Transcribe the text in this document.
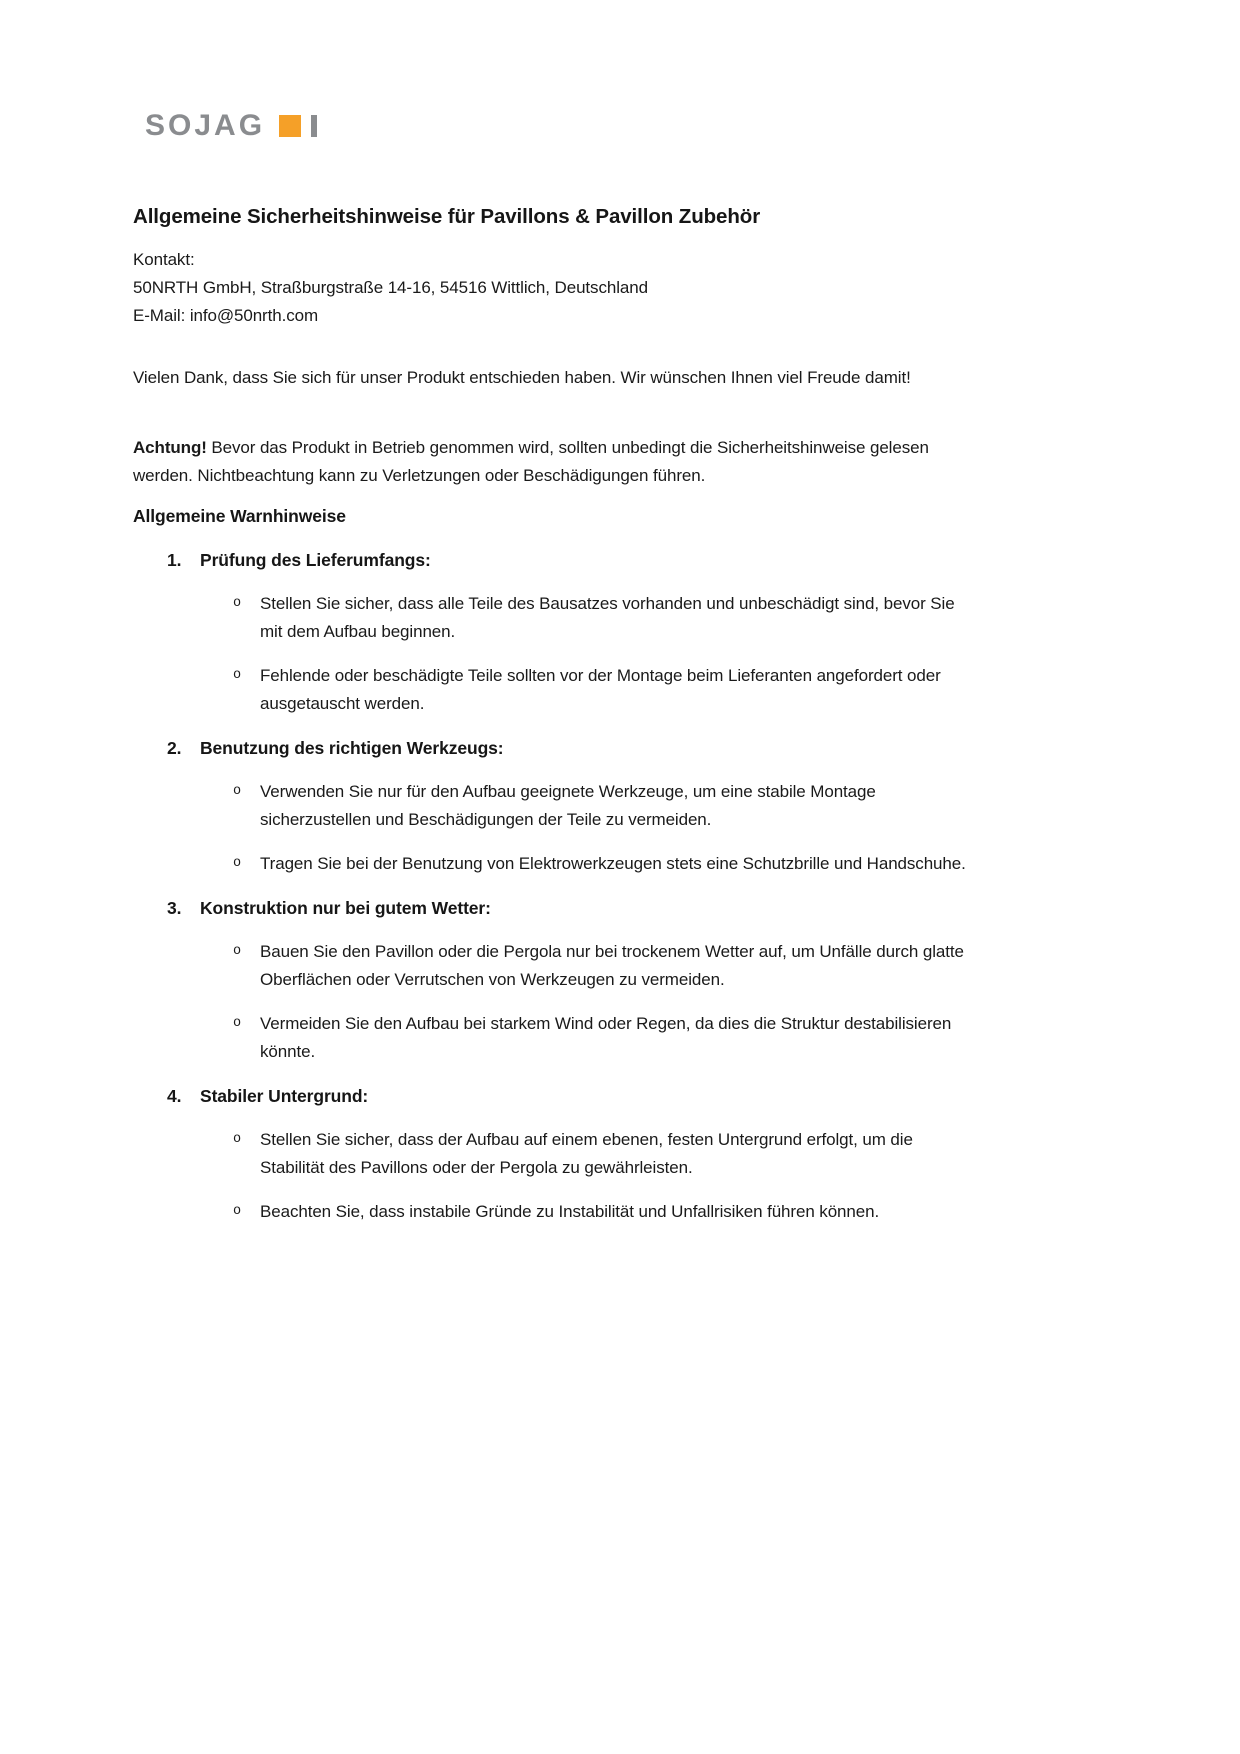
SOJAG
Allgemeine Sicherheitshinweise für Pavillons & Pavillon Zubehör

Kontakt:
50NRTH GmbH, Straßburgstraße 14-16, 54516 Wittlich, Deutschland
E-Mail: info@50nrth.com

Vielen Dank, dass Sie sich für unser Produkt entschieden haben. Wir wünschen Ihnen viel Freude damit!

Achtung! Bevor das Produkt in Betrieb genommen wird, sollten unbedingt die Sicherheitshinweise gelesen werden. Nichtbeachtung kann zu Verletzungen oder Beschädigungen führen.

Allgemeine Warnhinweise
1.	Prüfung des Lieferumfangs:
o	Stellen Sie sicher, dass alle Teile des Bausatzes vorhanden und unbeschädigt sind, bevor Sie mit dem Aufbau beginnen.
o	Fehlende oder beschädigte Teile sollten vor der Montage beim Lieferanten angefordert oder ausgetauscht werden.
2.	Benutzung des richtigen Werkzeugs:
o	Verwenden Sie nur für den Aufbau geeignete Werkzeuge, um eine stabile Montage sicherzustellen und Beschädigungen der Teile zu vermeiden.
o	Tragen Sie bei der Benutzung von Elektrowerkzeugen stets eine Schutzbrille und Handschuhe.
3.	Konstruktion nur bei gutem Wetter:
o	Bauen Sie den Pavillon oder die Pergola nur bei trockenem Wetter auf, um Unfälle durch glatte Oberflächen oder Verrutschen von Werkzeugen zu vermeiden.
o	Vermeiden Sie den Aufbau bei starkem Wind oder Regen, da dies die Struktur destabilisieren könnte.
4.	Stabiler Untergrund:
o	Stellen Sie sicher, dass der Aufbau auf einem ebenen, festen Untergrund erfolgt, um die Stabilität des Pavillons oder der Pergola zu gewährleisten.
o	Beachten Sie, dass instabile Gründe zu Instabilität und Unfallrisiken führen können.
